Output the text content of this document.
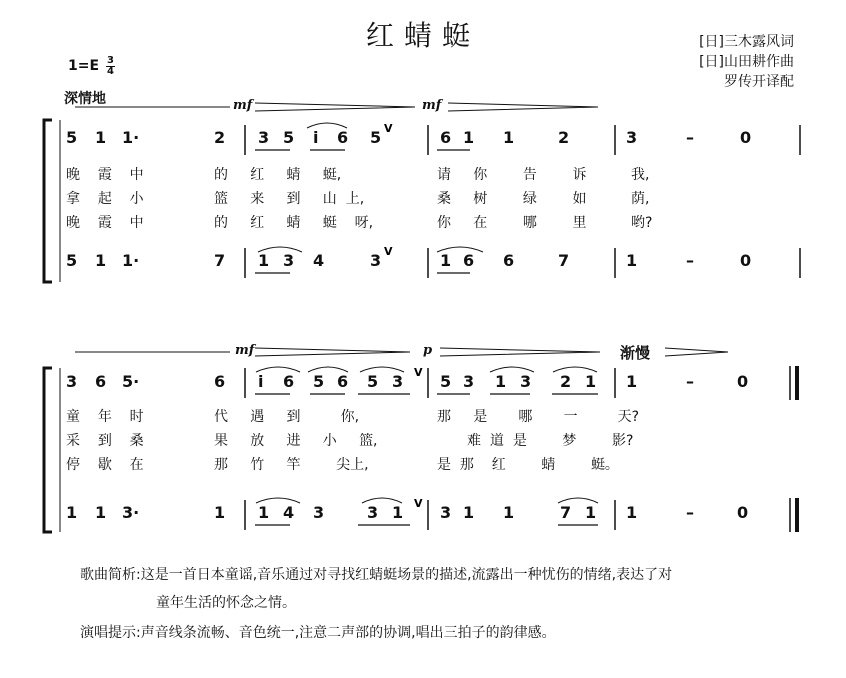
红蜻蜓	[日]三木露风词
[日]山田耕作曲
罗传开译配
1=E 3
4
深情地
V
V
V
V
mf	mf
mf	p	渐慢
5 1 1·	2 3 5 i 6 5	6 1 1	2	3	–	0
晚 霞 中	的 红 蜻 蜓,	请 你	告	诉	我,
拿 起 小	篮 来 到 山 上,	桑 树	绿	如	荫,
晚 霞 中	的 红 蜻 蜓 呀,	你 在	哪	里	哟?
5 1 1·	7 1 3 4	3	1 6 6	7	1	–	0
3 6 5·	6 i 6 5 6 5 3 5 3 1 3 2 1 1	–	0
童 年 时	代 遇 到	你,	那 是 哪 一	天?
采 到 桑	果 放 进 小 篮,	难 道 是	梦	影?
停 歇 在	那 竹 竿	尖上,	是 那 红	蜻	蜓。
1 1 3·	1 1 4 3	3 1 3 1 1	7 1 1	–	0
歌曲简析:这是一首日本童谣,音乐通过对寻找红蜻蜓场景的描述,流露出一种忧伤的情绪,表达了对
童年生活的怀念之情。
演唱提示:声音线条流畅、音色统一,注意二声部的协调,唱出三拍子的韵律感。
